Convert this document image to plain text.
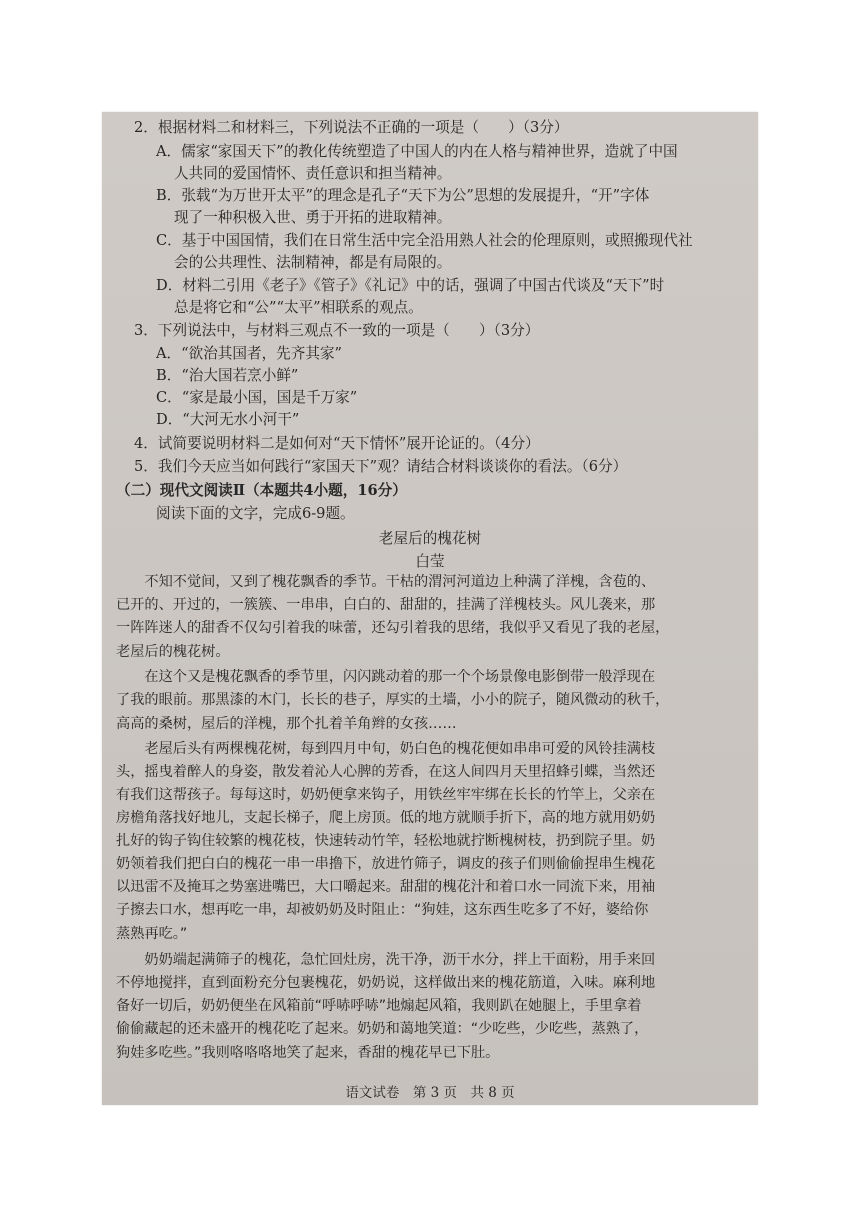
2．根据材料二和材料三，下列说法不正确的一项是（　　）（3分）
A．儒家“家国天下”的教化传统塑造了中国人的内在人格与精神世界，造就了中国
人共同的爱国情怀、责任意识和担当精神。
B．张载“为万世开太平”的理念是孔子“天下为公”思想的发展提升，“开”字体
现了一种积极入世、勇于开拓的进取精神。
C．基于中国国情，我们在日常生活中完全沿用熟人社会的伦理原则，或照搬现代社
会的公共理性、法制精神，都是有局限的。
D．材料二引用《老子》《管子》《礼记》中的话，强调了中国古代谈及“天下”时
总是将它和“公”“太平”相联系的观点。
3．下列说法中，与材料三观点不一致的一项是（　　）（3分）
A．“欲治其国者，先齐其家”
B．“治大国若烹小鲜”
C．“家是最小国，国是千万家”
D．“大河无水小河干”
4．试简要说明材料二是如何对“天下情怀”展开论证的。（4分）
5．我们今天应当如何践行“家国天下”观？请结合材料谈谈你的看法。（6分）
（二）现代文阅读Ⅱ（本题共4小题，16分）
阅读下面的文字，完成6-9题。
老屋后的槐花树
白莹
　　不知不觉间，又到了槐花飘香的季节。干枯的渭河河道边上种满了洋槐，含苞的、
已开的、开过的，一簇簇、一串串，白白的、甜甜的，挂满了洋槐枝头。风儿袭来，那
一阵阵迷人的甜香不仅勾引着我的味蕾，还勾引着我的思绪，我似乎又看见了我的老屋，
老屋后的槐花树。
　　在这个又是槐花飘香的季节里，闪闪跳动着的那一个个场景像电影倒带一般浮现在
了我的眼前。那黑漆的木门，长长的巷子，厚实的土墙，小小的院子，随风微动的秋千，
高高的桑树，屋后的洋槐，那个扎着羊角辫的女孩……
　　老屋后头有两棵槐花树，每到四月中旬，奶白色的槐花便如串串可爱的风铃挂满枝
头，摇曳着醉人的身姿，散发着沁人心脾的芳香，在这人间四月天里招蜂引蝶，当然还
有我们这帮孩子。每每这时，奶奶便拿来钩子，用铁丝牢牢绑在长长的竹竿上，父亲在
房檐角落找好地儿，支起长梯子，爬上房顶。低的地方就顺手折下，高的地方就用奶奶
扎好的钩子钩住较繁的槐花枝，快速转动竹竿，轻松地就拧断槐树枝，扔到院子里。奶
奶领着我们把白白的槐花一串一串撸下，放进竹筛子，调皮的孩子们则偷偷捏串生槐花
以迅雷不及掩耳之势塞进嘴巴，大口嚼起来。甜甜的槐花汁和着口水一同流下来，用袖
子擦去口水，想再吃一串，却被奶奶及时阻止：“狗娃，这东西生吃多了不好，婆给你
蒸熟再吃。”
　　奶奶端起满筛子的槐花，急忙回灶房，洗干净，沥干水分，拌上干面粉，用手来回
不停地搅拌，直到面粉充分包裹槐花，奶奶说，这样做出来的槐花筋道，入味。麻利地
备好一切后，奶奶便坐在风箱前“呼哧呼哧”地煽起风箱，我则趴在她腿上，手里拿着
偷偷藏起的还未盛开的槐花吃了起来。奶奶和蔼地笑道：“少吃些，少吃些，蒸熟了，
狗娃多吃些。”我则咯咯咯地笑了起来，香甜的槐花早已下肚。
语文试卷　第 3 页　共 8 页
